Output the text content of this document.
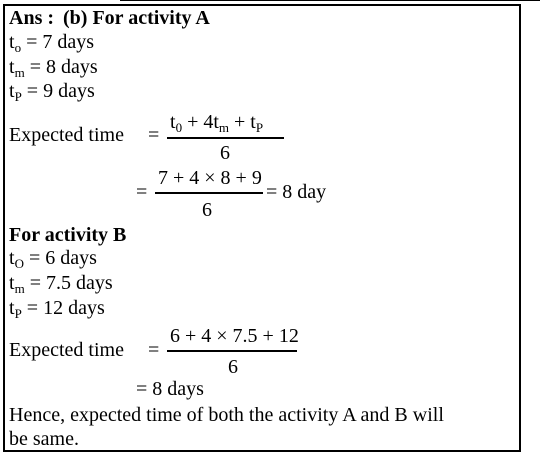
Ans : (b) For activity A
$t_o = 7$ days
$t_m = 8$ days
$t_P = 9$ days
Expected time =
$t_0 + 4t_m + t_P$
6
=
7 + 4 × 8 + 9
6
= 8 day
For activity B
$t_O = 6$ days
$t_m = 7.5$ days
$t_P = 12$ days
Expected time =
6 + 4 × 7.5 + 12
6
= 8 days
Hence, expected time of both the activity A and B will
be same.
